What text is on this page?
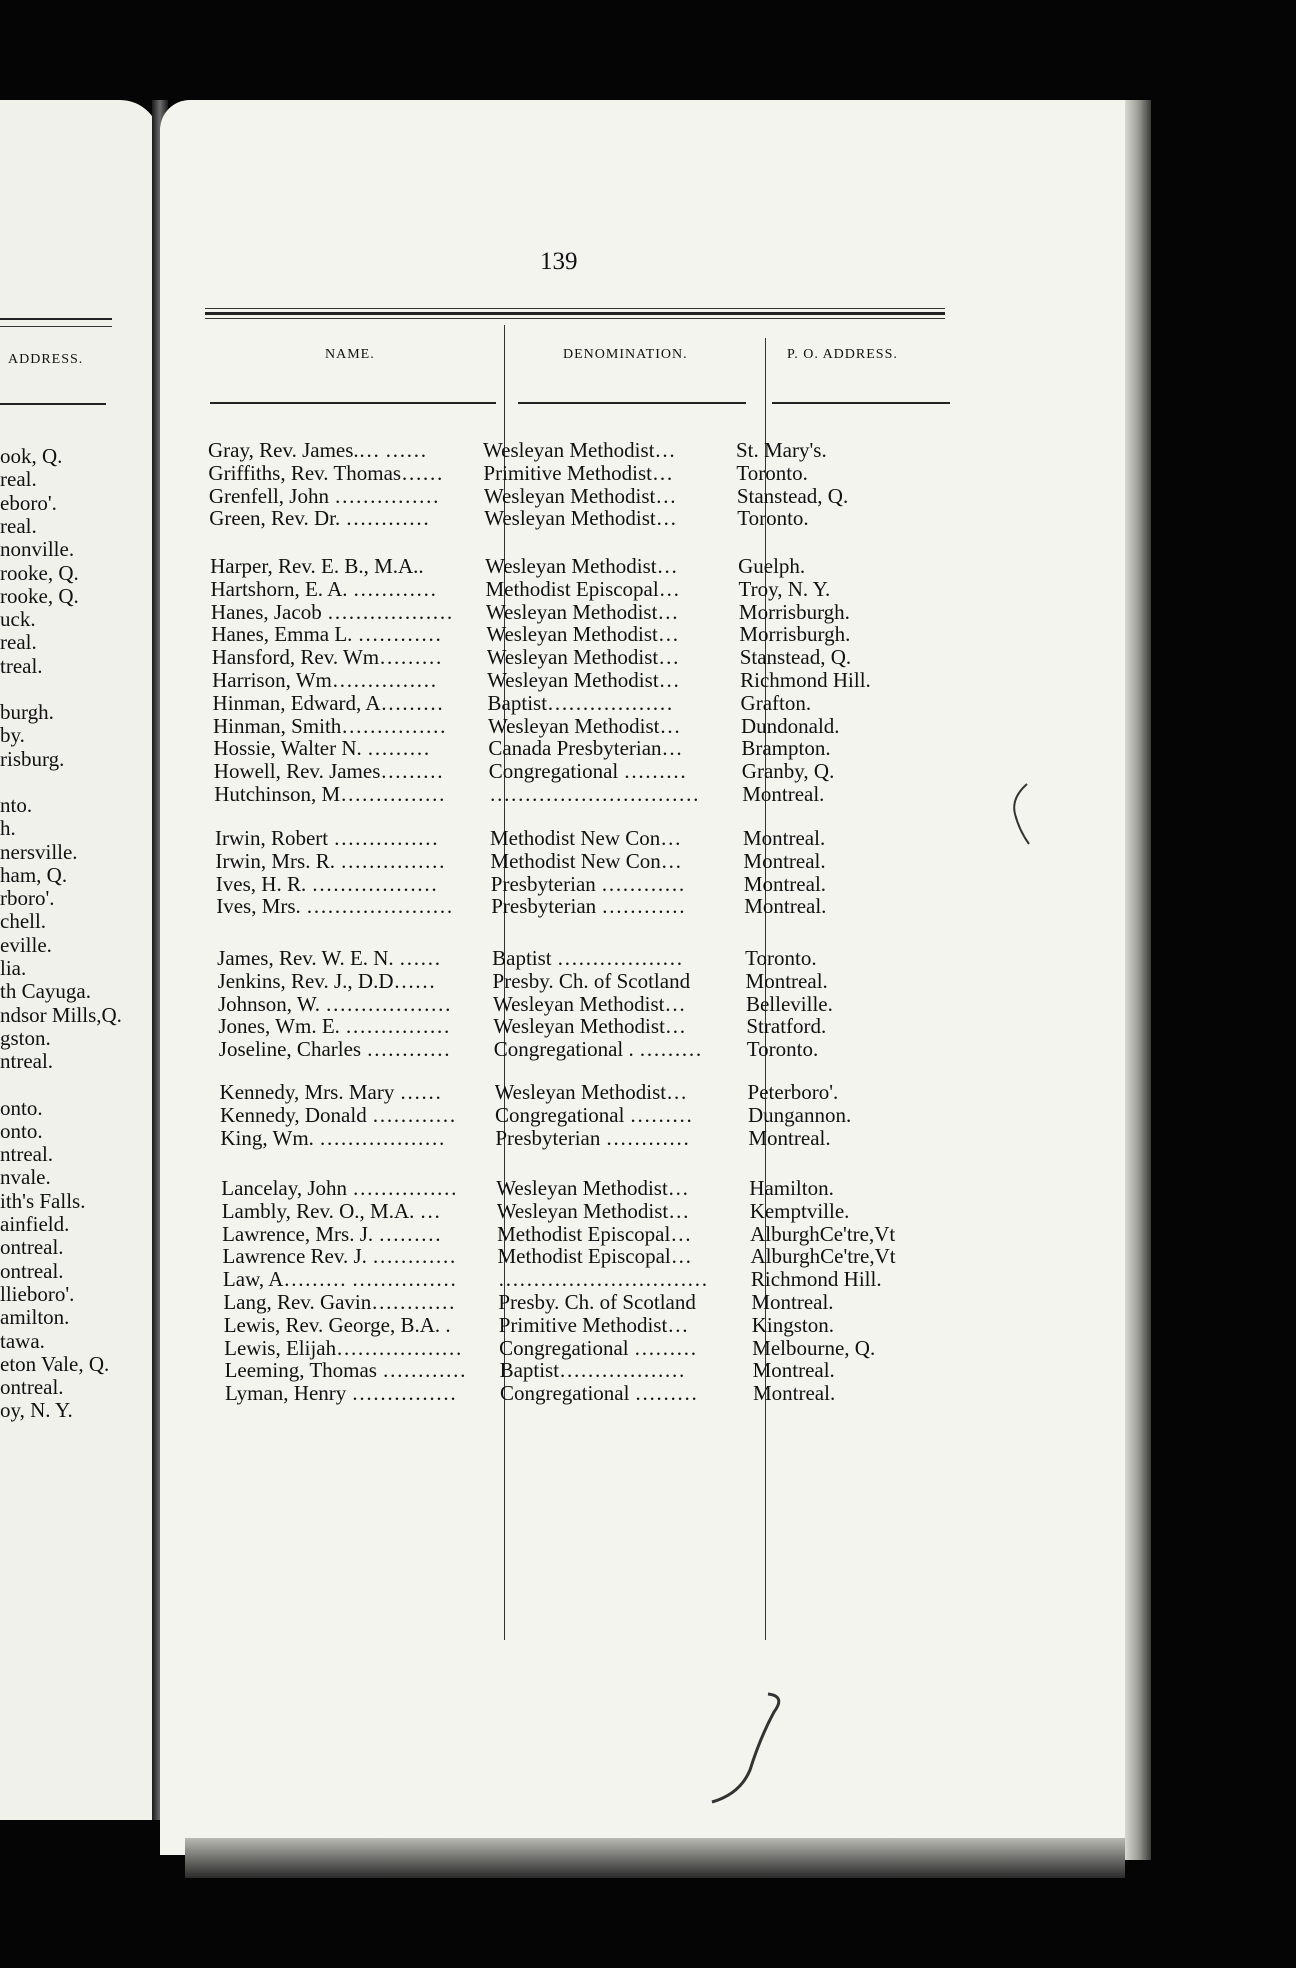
ADDRESS.
ook, Q.
real.
eboro'.
real.
nonville.
rooke, Q.
rooke, Q.
uck.
real.
treal.
burgh.
by.
risburg.
nto.
h.
nersville.
ham, Q.
rboro'.
chell.
eville.
lia.
th Cayuga.
ndsor Mills,Q.
gston.
ntreal.
onto.
onto.
ntreal.
nvale.
ith's Falls.
ainfield.
ontreal.
ontreal.
llieboro'.
amilton.
tawa.
eton Vale, Q.
ontreal.
oy, N. Y.
139
NAME.	DENOMINATION.	P. O. ADDRESS.
Gray, Rev. James.… ……	Wesleyan Methodist…	St. Mary's.
Griffiths, Rev. Thomas……	Primitive Methodist…	Toronto.
Grenfell, John ……………	Wesleyan Methodist…	Stanstead, Q.
Green, Rev. Dr. …………	Wesleyan Methodist…	Toronto.
Harper, Rev. E. B., M.A..	Wesleyan Methodist…	Guelph.
Hartshorn, E. A. …………	Methodist Episcopal…	Troy, N. Y.
Hanes, Jacob ………………	Wesleyan Methodist…	Morrisburgh.
Hanes, Emma L. …………	Wesleyan Methodist…	Morrisburgh.
Hansford, Rev. Wm………	Wesleyan Methodist…	Stanstead, Q.
Harrison, Wm……………	Wesleyan Methodist…	Richmond Hill.
Hinman, Edward, A………	Baptist………………	Grafton.
Hinman, Smith……………	Wesleyan Methodist…	Dundonald.
Hossie, Walter N. ………	Canada Presbyterian…	Brampton.
Howell, Rev. James………	Congregational ………	Granby, Q.
Hutchinson, M……………	…………………………	Montreal.
Irwin, Robert ……………	Methodist New Con…	Montreal.
Irwin, Mrs. R. ……………	Methodist New Con…	Montreal.
Ives, H. R. ………………	Presbyterian …………	Montreal.
Ives, Mrs. …………………	Presbyterian …………	Montreal.
James, Rev. W. E. N. ……	Baptist ………………	Toronto.
Jenkins, Rev. J., D.D……	Presby. Ch. of Scotland	Montreal.
Johnson, W. ………………	Wesleyan Methodist…	Belleville.
Jones, Wm. E. ……………	Wesleyan Methodist…	Stratford.
Joseline, Charles …………	Congregational . ………	Toronto.
Kennedy, Mrs. Mary ……	Wesleyan Methodist…	Peterboro'.
Kennedy, Donald …………	Congregational ………	Dungannon.
King, Wm. ………………	Presbyterian …………	Montreal.
Lancelay, John ……………	Wesleyan Methodist…	Hamilton.
Lambly, Rev. O., M.A. …	Wesleyan Methodist…	Kemptville.
Lawrence, Mrs. J. ………	Methodist Episcopal…	AlburghCe'tre,Vt
Lawrence Rev. J. …………	Methodist Episcopal…	AlburghCe'tre,Vt
Law, A……… ……………	…………………………	Richmond Hill.
Lang, Rev. Gavin…………	Presby. Ch. of Scotland	Montreal.
Lewis, Rev. George, B.A. .	Primitive Methodist…	Kingston.
Lewis, Elijah………………	Congregational ………	Melbourne, Q.
Leeming, Thomas …………	Baptist………………	Montreal.
Lyman, Henry ……………	Congregational ………	Montreal.
